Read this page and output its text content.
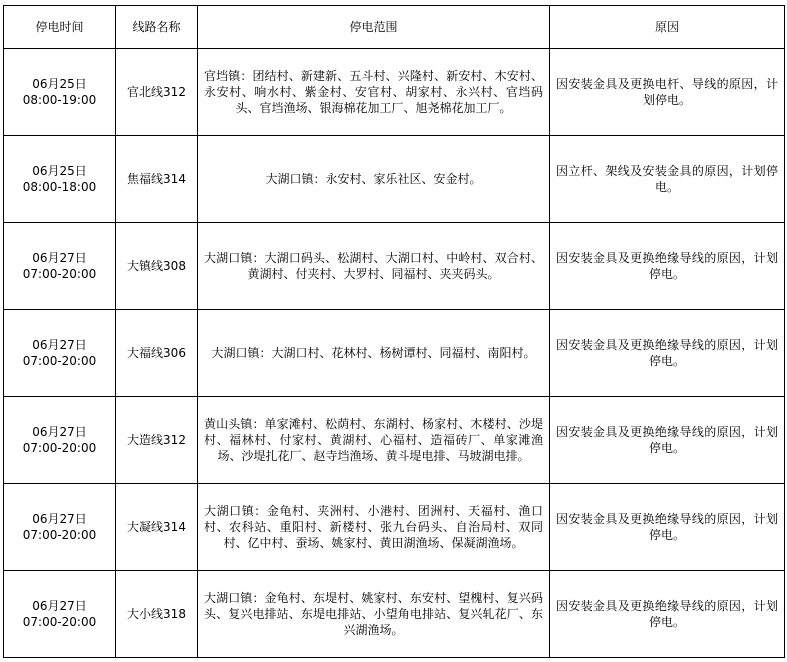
停电时间	线路名称	停电范围	原因

06月25日
08:00-19:00	官北线312	官垱镇：团结村、新建新、五斗村、兴隆村、新安村、木安村、永安村、响水村、紫金村、安官村、胡家村、永兴村、官垱码头、官垱渔场、银海棉花加工厂、旭尧棉花加工厂。	因安装金具及更换电杆、导线的原因，计划停电。

06月25日
08:00-18:00	焦福线314	大湖口镇：永安村、家乐社区、安金村。	因立杆、架线及安装金具的原因，计划停电。

06月27日
07:00-20:00	大镇线308	大湖口镇：大湖口码头、松湖村、大湖口村、中岭村、双合村、黄湖村、付夹村、大罗村、同福村、夹夹码头。	因安装金具及更换绝缘导线的原因，计划停电。

06月27日
07:00-20:00	大福线306	大湖口镇：大湖口村、花林村、杨树谭村、同福村、南阳村。	因安装金具及更换绝缘导线的原因，计划停电。

06月27日
07:00-20:00	大造线312	黄山头镇：单家滩村、松荫村、东湖村、杨家村、木楼村、沙堤村、福林村、付家村、黄湖村、心福村、造福砖厂、单家滩渔场、沙堤扎花厂、赵寺垱渔场、黄斗堤电排、马坡湖电排。	因安装金具及更换绝缘导线的原因，计划停电。

06月27日
07:00-20:00	大凝线314	大湖口镇：金龟村、夹洲村、小港村、团洲村、天福村、渔口村、农科站、重阳村、新楼村、张九台码头、自治局村、双同村、亿中村、蚕场、姚家村、黄田湖渔场、保凝湖渔场。	因安装金具及更换绝缘导线的原因，计划停电。

06月27日
07:00-20:00	大小线318	大湖口镇：金龟村、东堤村、姚家村、东安村、望槐村、复兴码头、复兴电排站、东堤电排站、小望角电排站、复兴轧花厂、东兴湖渔场。	因安装金具及更换绝缘导线的原因，计划停电。
